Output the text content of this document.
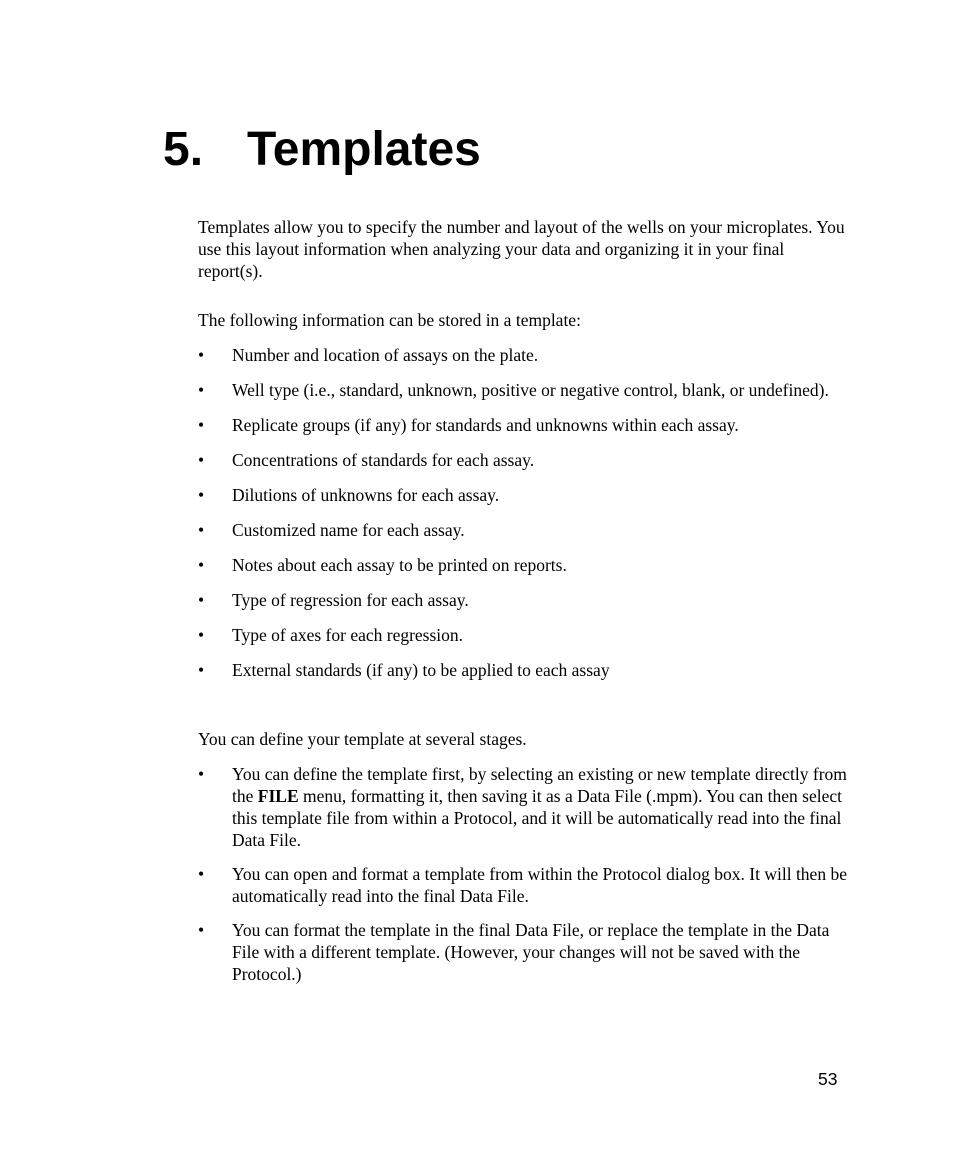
5. Templates

Templates allow you to specify the number and layout of the wells on your microplates. You use this layout information when analyzing your data and organizing it in your final report(s).

The following information can be stored in a template:

•	Number and location of assays on the plate.
•	Well type (i.e., standard, unknown, positive or negative control, blank, or undefined).
•	Replicate groups (if any) for standards and unknowns within each assay.
•	Concentrations of standards for each assay.
•	Dilutions of unknowns for each assay.
•	Customized name for each assay.
•	Notes about each assay to be printed on reports.
•	Type of regression for each assay.
•	Type of axes for each regression.
•	External standards (if any) to be applied to each assay

You can define your template at several stages.

•	You can define the template first, by selecting an existing or new template directly from the FILE menu, formatting it, then saving it as a Data File (.mpm). You can then select this template file from within a Protocol, and it will be automatically read into the final Data File.
•	You can open and format a template from within the Protocol dialog box. It will then be automatically read into the final Data File.
•	You can format the template in the final Data File, or replace the template in the Data File with a different template. (However, your changes will not be saved with the Protocol.)
53
